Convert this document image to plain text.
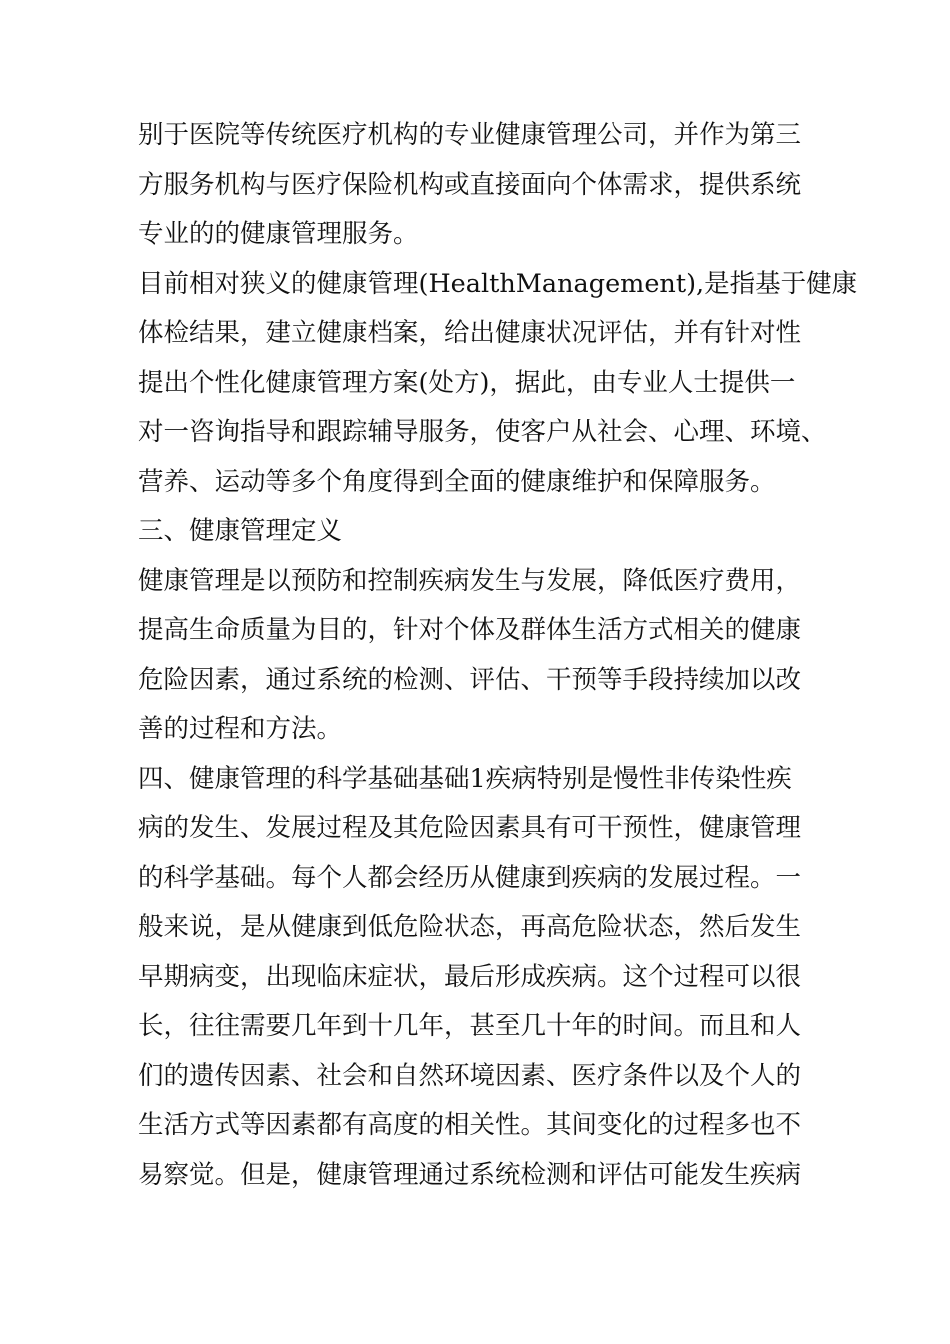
别于医院等传统医疗机构的专业健康管理公司，并作为第三
方服务机构与医疗保险机构或直接面向个体需求，提供系统
专业的的健康管理服务。
目前相对狭义的健康管理(HealthManagement),是指基于健康
体检结果，建立健康档案，给出健康状况评估，并有针对性
提出个性化健康管理方案(处方)，据此，由专业人士提供一
对一咨询指导和跟踪辅导服务，使客户从社会、心理、环境、
营养、运动等多个角度得到全面的健康维护和保障服务。
三、健康管理定义
健康管理是以预防和控制疾病发生与发展，降低医疗费用，
提高生命质量为目的，针对个体及群体生活方式相关的健康
危险因素，通过系统的检测、评估、干预等手段持续加以改
善的过程和方法。
四、健康管理的科学基础基础1疾病特别是慢性非传染性疾
病的发生、发展过程及其危险因素具有可干预性，健康管理
的科学基础。每个人都会经历从健康到疾病的发展过程。一
般来说，是从健康到低危险状态，再高危险状态，然后发生
早期病变，出现临床症状，最后形成疾病。这个过程可以很
长，往往需要几年到十几年，甚至几十年的时间。而且和人
们的遗传因素、社会和自然环境因素、医疗条件以及个人的
生活方式等因素都有高度的相关性。其间变化的过程多也不
易察觉。但是，健康管理通过系统检测和评估可能发生疾病
